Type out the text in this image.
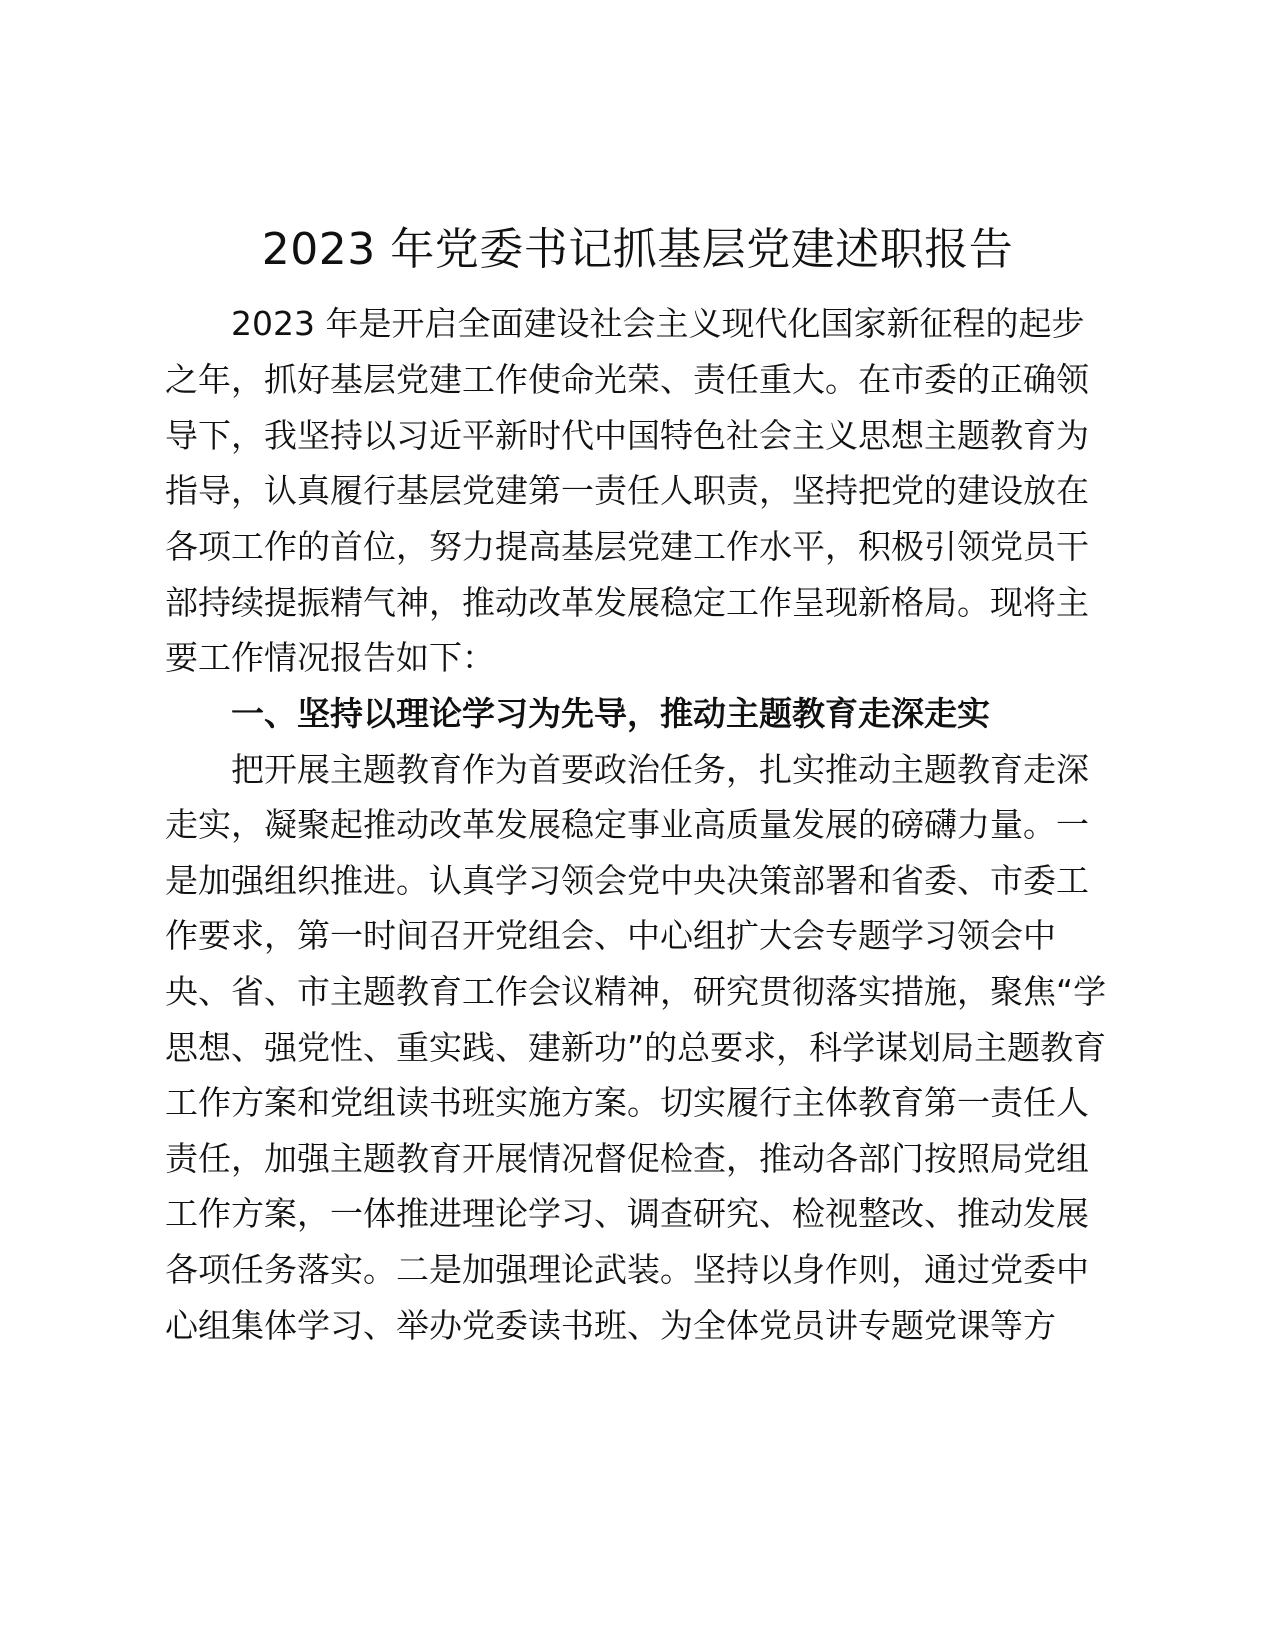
2023 年党委书记抓基层党建述职报告

2023 年是开启全面建设社会主义现代化国家新征程的起步

之年，抓好基层党建工作使命光荣、责任重大。在市委的正确领

导下，我坚持以习近平新时代中国特色社会主义思想主题教育为

指导，认真履行基层党建第一责任人职责，坚持把党的建设放在

各项工作的首位，努力提高基层党建工作水平，积极引领党员干

部持续提振精气神，推动改革发展稳定工作呈现新格局。现将主

要工作情况报告如下：

一、坚持以理论学习为先导，推动主题教育走深走实

把开展主题教育作为首要政治任务，扎实推动主题教育走深

走实，凝聚起推动改革发展稳定事业高质量发展的磅礴力量。一

是加强组织推进。认真学习领会党中央决策部署和省委、市委工

作要求，第一时间召开党组会、中心组扩大会专题学习领会中

央、省、市主题教育工作会议精神，研究贯彻落实措施，聚焦“学

思想、强党性、重实践、建新功”的总要求，科学谋划局主题教育

工作方案和党组读书班实施方案。切实履行主体教育第一责任人

责任，加强主题教育开展情况督促检查，推动各部门按照局党组

工作方案，一体推进理论学习、调查研究、检视整改、推动发展

各项任务落实。二是加强理论武装。坚持以身作则，通过党委中

心组集体学习、举办党委读书班、为全体党员讲专题党课等方
